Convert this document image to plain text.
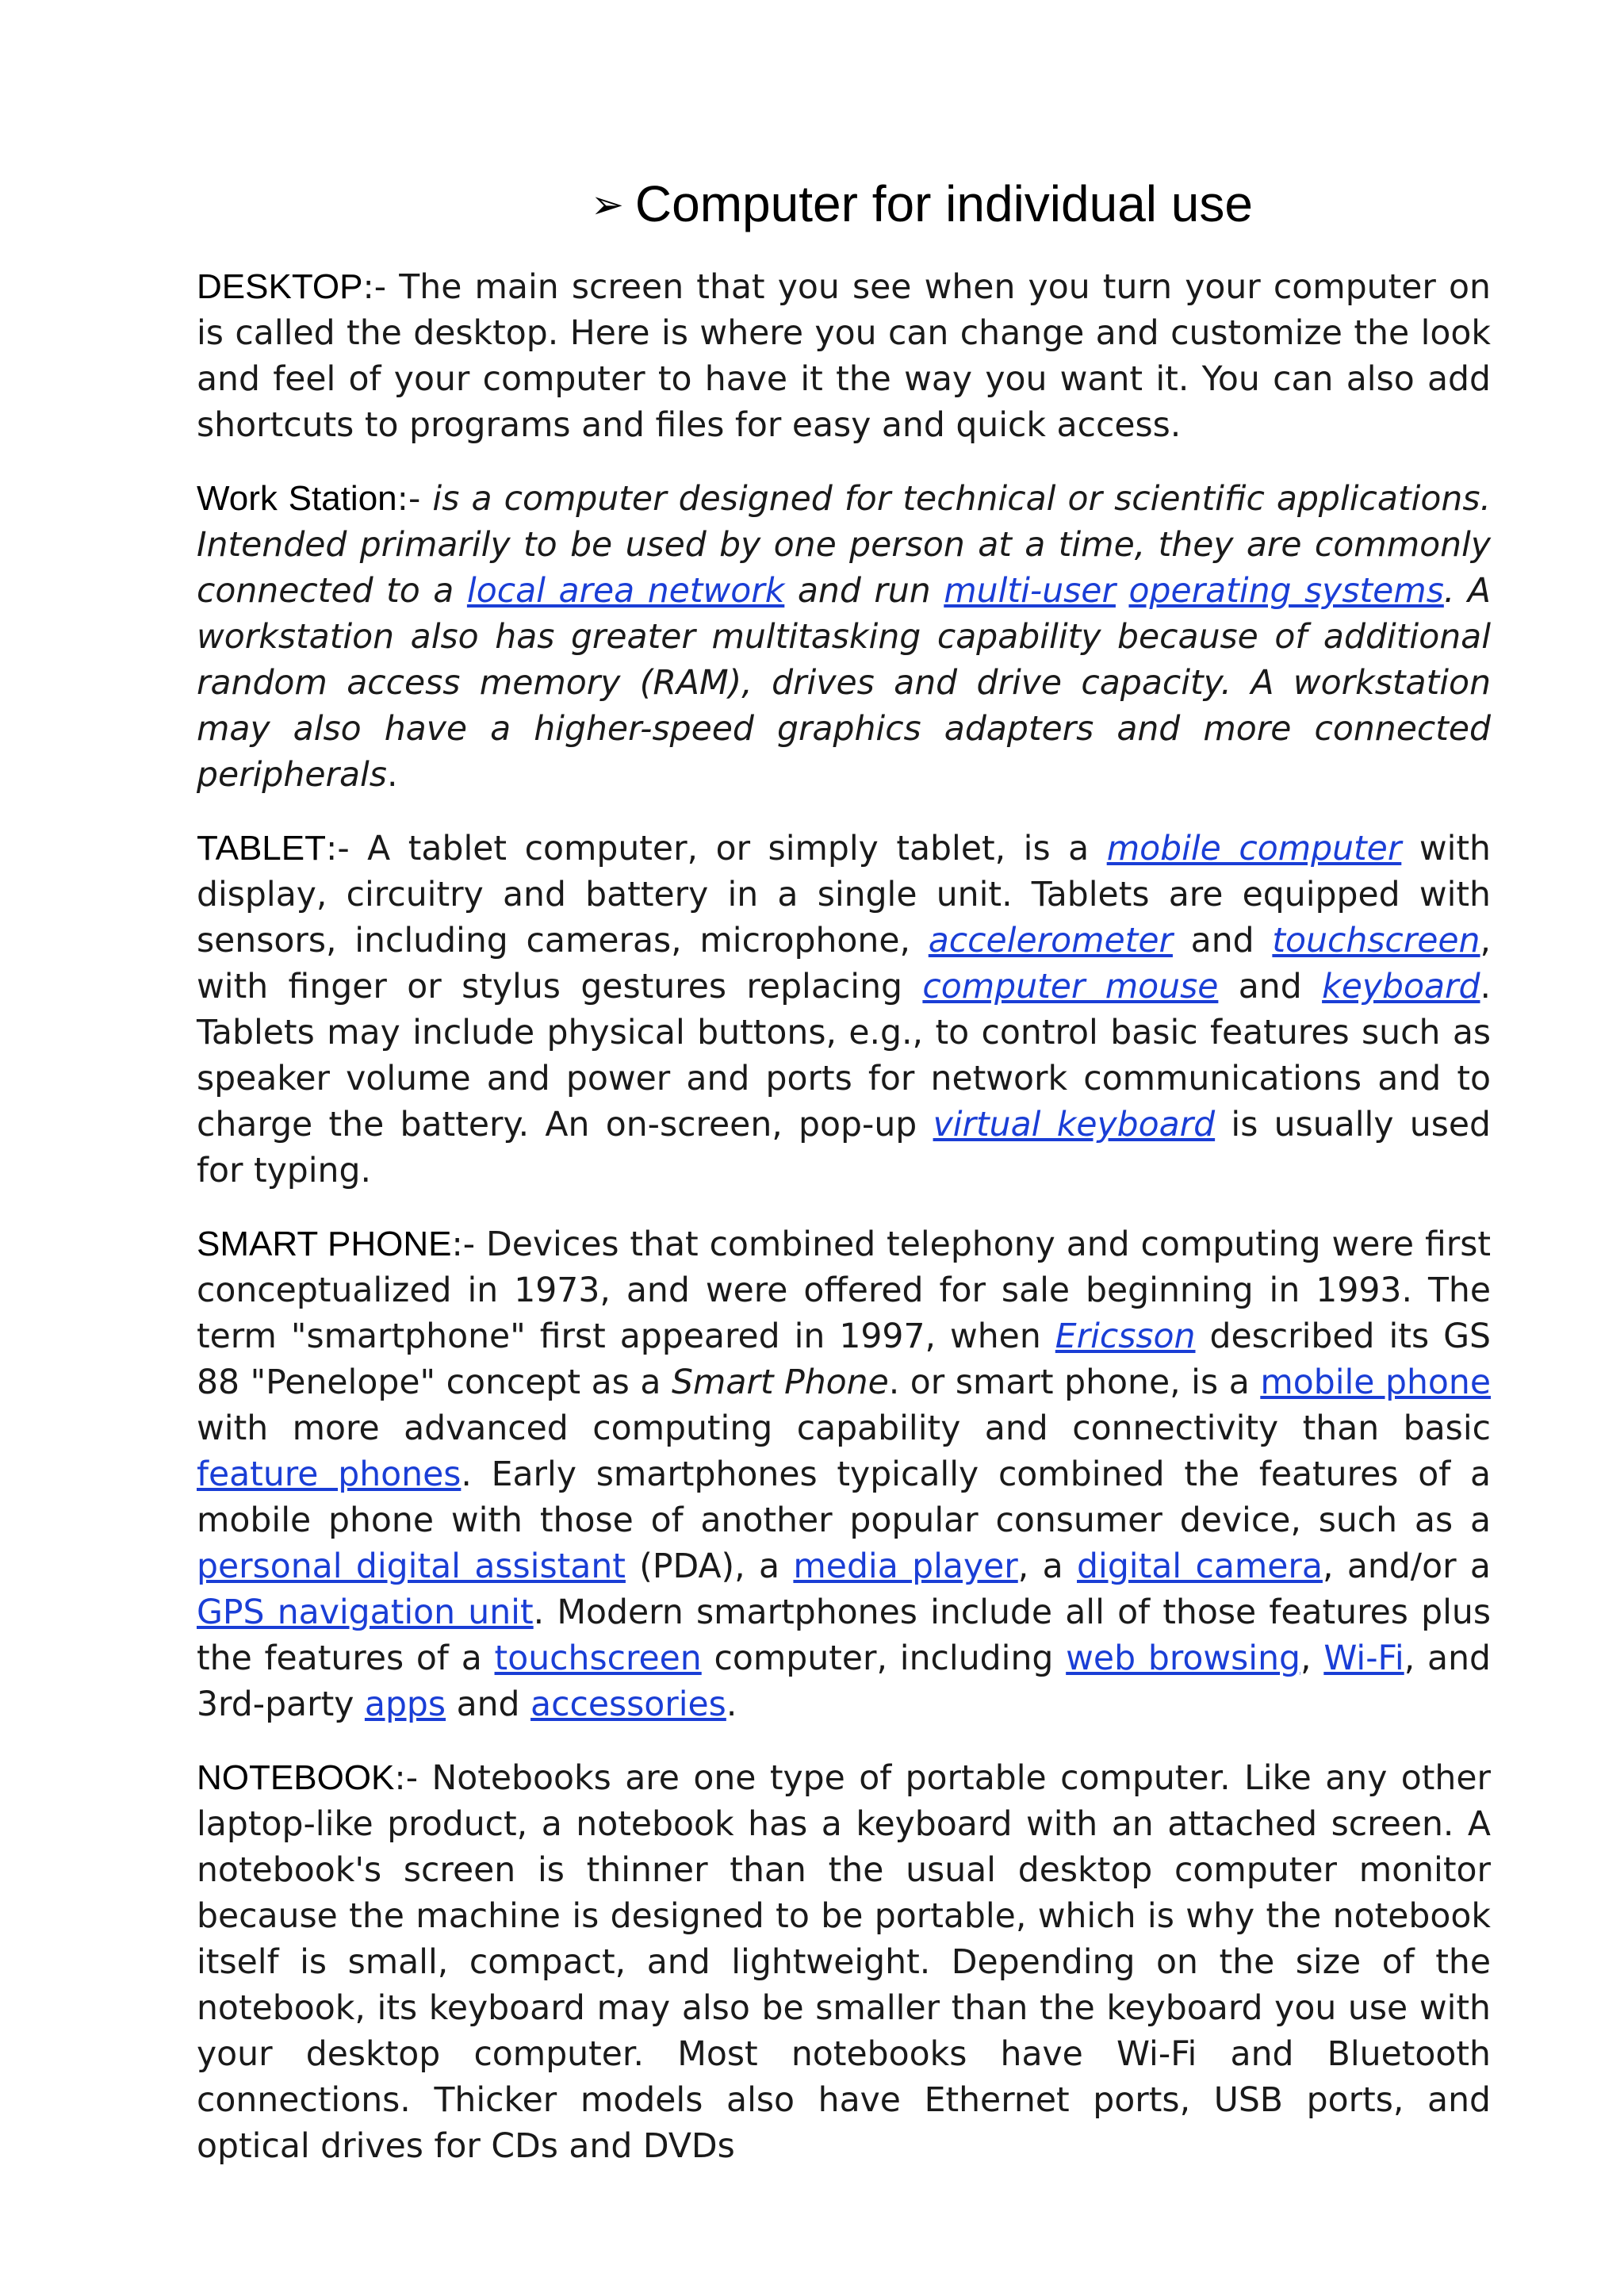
➢ Computer for individual use

DESKTOP:- The main screen that you see when you turn your computer on is called the desktop. Here is where you can change and customize the look and feel of your computer to have it the way you want it. You can also add shortcuts to programs and files for easy and quick access.

Work Station:- is a computer designed for technical or scientific applications. Intended primarily to be used by one person at a time, they are commonly connected to a local area network and run multi-user operating systems. A workstation also has greater multitasking capability because of additional random access memory (RAM), drives and drive capacity. A workstation may also have a higher-speed graphics adapters and more connected peripherals.

TABLET:- A tablet computer, or simply tablet, is a mobile computer with display, circuitry and battery in a single unit. Tablets are equipped with sensors, including cameras, microphone, accelerometer and touchscreen, with finger or stylus gestures replacing computer mouse and keyboard. Tablets may include physical buttons, e.g., to control basic features such as speaker volume and power and ports for network communications and to charge the battery. An on-screen, pop-up virtual keyboard is usually used for typing.

SMART PHONE:- Devices that combined telephony and computing were first conceptualized in 1973, and were offered for sale beginning in 1993. The term "smartphone" first appeared in 1997, when Ericsson described its GS 88 "Penelope" concept as a Smart Phone. or smart phone, is a mobile phone with more advanced computing capability and connectivity than basic feature phones. Early smartphones typically combined the features of a mobile phone with those of another popular consumer device, such as a personal digital assistant (PDA), a media player, a digital camera, and/or a GPS navigation unit. Modern smartphones include all of those features plus the features of a touchscreen computer, including web browsing, Wi-Fi, and 3rd-party apps and accessories.

NOTEBOOK:- Notebooks are one type of portable computer. Like any other laptop-like product, a notebook has a keyboard with an attached screen. A notebook's screen is thinner than the usual desktop computer monitor because the machine is designed to be portable, which is why the notebook itself is small, compact, and lightweight. Depending on the size of the notebook, its keyboard may also be smaller than the keyboard you use with your desktop computer. Most notebooks have Wi-Fi and Bluetooth connections. Thicker models also have Ethernet ports, USB ports, and optical drives for CDs and DVDs
